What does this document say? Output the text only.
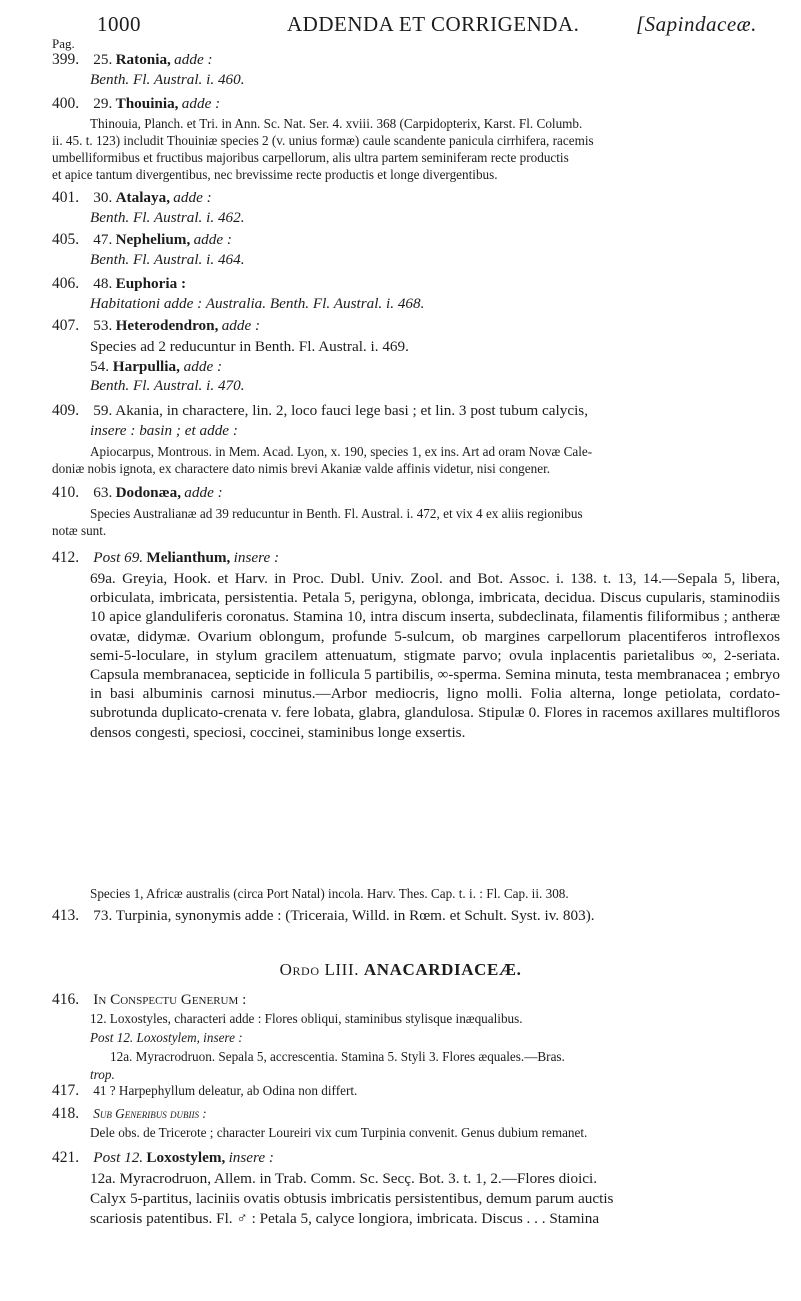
1000	ADDENDA ET CORRIGENDA.	[Sapindaceæ.
Pag.
399. 25. Ratonia, adde :
Benth. Fl. Austral. i. 460.
400. 29. Thouinia, adde :
Thinouia, Planch. et Tri. in Ann. Sc. Nat. Ser. 4. xviii. 368 (Carpidopterix, Karst. Fl. Columb.
ii. 45. t. 123) includit Thouiniæ species 2 (v. unius formæ) caule scandente panicula cirrhifera, racemis
umbelliformibus et fructibus majoribus carpellorum, alis ultra partem seminiferam recte productis
et apice tantum divergentibus, nec brevissime recte productis et longe divergentibus.
401. 30. Atalaya, adde :
Benth. Fl. Austral. i. 462.
405. 47. Nephelium, adde :
Benth. Fl. Austral. i. 464.
406. 48. Euphoria :
Habitationi adde : Australia. Benth. Fl. Austral. i. 468.
407. 53. Heterodendron, adde :
Species ad 2 reducuntur in Benth. Fl. Austral. i. 469.
54. Harpullia, adde :
Benth. Fl. Austral. i. 470.
409. 59. Akania, in charactere, lin. 2, loco fauci lege basi ; et lin. 3 post tubum calycis,
insere : basin ; et adde :
Apiocarpus, Montrous. in Mem. Acad. Lyon, x. 190, species 1, ex ins. Art ad oram Novæ Cale-
doniæ nobis ignota, ex charactere dato nimis brevi Akaniæ valde affinis videtur, nisi congener.
410. 63. Dodonæa, adde :
Species Australianæ ad 39 reducuntur in Benth. Fl. Austral. i. 472, et vix 4 ex aliis regionibus
notæ sunt.
412. Post 69. Melianthum, insere :

69a. Greyia, Hook. et Harv. in Proc. Dubl. Univ. Zool. and Bot. Assoc. i. 138. t. 13, 14.—Sepala 5, libera, orbiculata, imbricata, persistentia. Petala 5, perigyna, oblonga, imbricata, decidua. Discus cupularis, staminodiis 10 apice glanduliferis coronatus. Stamina 10, intra discum inserta, subdeclinata, filamentis filiformibus ; antheræ ovatæ, didymæ. Ovarium oblongum, profunde 5-sulcum, ob margines carpellorum placentiferos introflexos semi-5-loculare, in stylum gracilem attenuatum, stigmate parvo; ovula inplacentis parietalibus ∞, 2-seriata. Capsula membranacea, septicide in follicula 5 partibilis, ∞-sperma. Semina minuta, testa membranacea ; embryo in basi albuminis carnosi minutus.—Arbor mediocris, ligno molli. Folia alterna, longe petiolata, cordato-subrotunda duplicato-crenata v. fere lobata, glabra, glandulosa. Stipulæ 0. Flores in racemos axillares multifloros densos congesti, speciosi, coccinei, staminibus longe exsertis.

Species 1, Africæ australis (circa Port Natal) incola. Harv. Thes. Cap. t. i. : Fl. Cap. ii. 308.
413. 73. Turpinia, synonymis adde : (Triceraia, Willd. in Rœm. et Schult. Syst. iv. 803).
Ordo LIII. ANACARDIACEÆ.
416. In Conspectu Generum :
12. Loxostyles, characteri adde : Flores obliqui, staminibus stylisque inæqualibus.
Post 12. Loxostylem, insere :
12a. Myracrodruon. Sepala 5, accrescentia. Stamina 5. Styli 3. Flores æquales.—Bras.
trop.
417. 41 ? Harpephyllum deleatur, ab Odina non differt.
418. Sub Generibus dubiis :
Dele obs. de Tricerote ; character Loureiri vix cum Turpinia convenit. Genus dubium remanet.
421. Post 12. Loxostylem, insere :
12a. Myracrodruon, Allem. in Trab. Comm. Sc. Secç. Bot. 3. t. 1, 2.—Flores dioici.
Calyx 5-partitus, laciniis ovatis obtusis imbricatis persistentibus, demum parum auctis
scariosis patentibus. Fl. ♂ : Petala 5, calyce longiora, imbricata. Discus . . . Stamina
